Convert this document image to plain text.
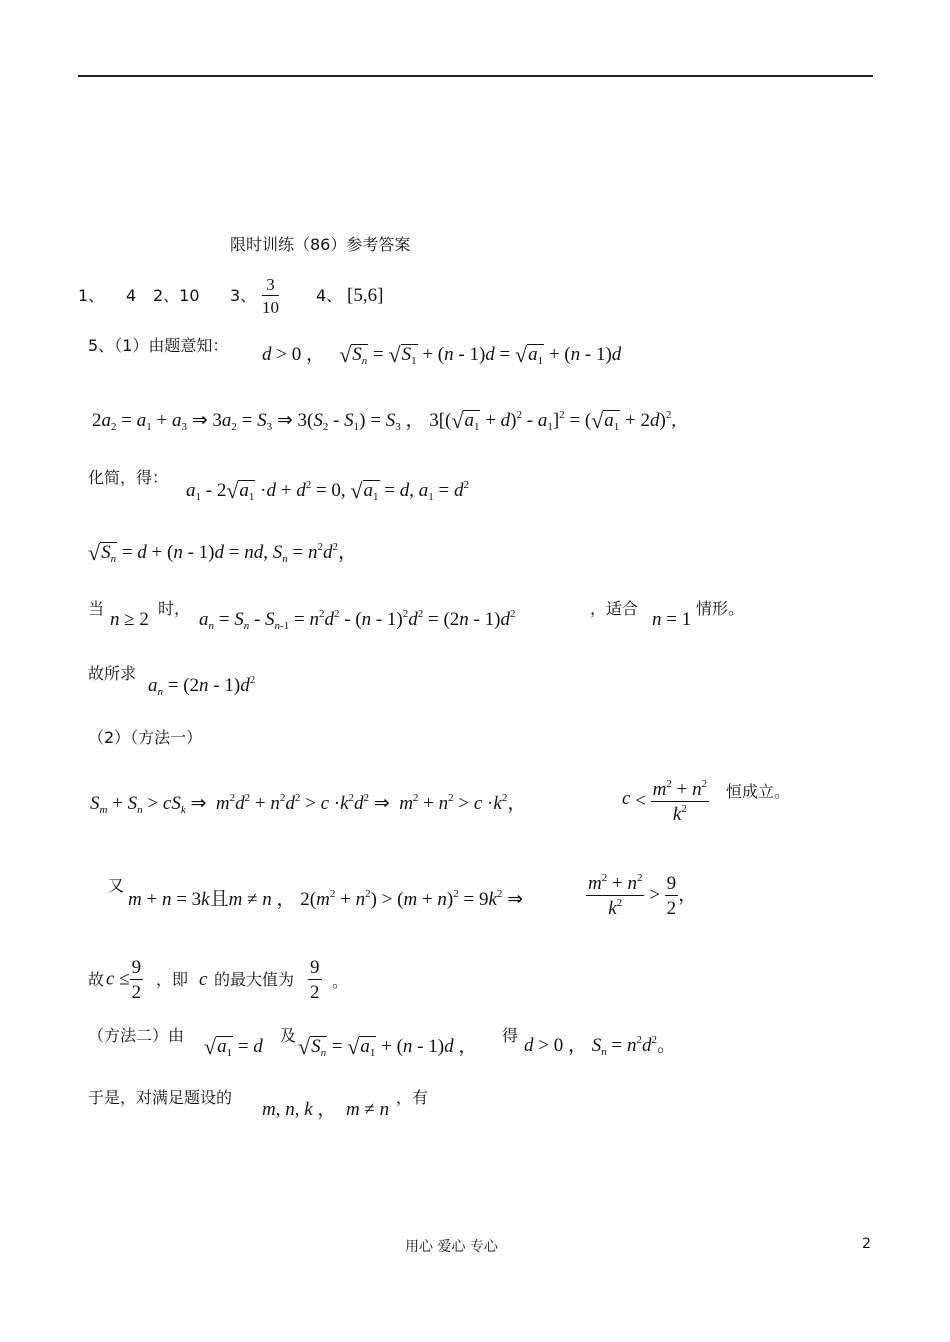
限时训练（86）参考答案
1、 4 2、10 3、 $\frac{3}{10} 4$、 [5,6]
5、（1）由题意知： d > 0 ，   $√S_n = √S_1 + (n - 1)d = √a_1 + (n - 1)d$
$2a_2 = a_1 + a_3$ ⇒ $3a_2 = S_3$ ⇒ $3(S_2 - S_1) = S_3$ ， $3[(√a_1 + d)^2 - a_1]^2 = (√a_1 + 2d)^2$,
化简，得：
$a_1 - 2√a_1 \cdot d + d^2 = 0$, $√a_1 = d$, $a_1 = d^2$
$√S_n = d + (n - 1)d$ = nd, $S_n = n^2d^2$，
当
n ≥ 2
时，
$a_n = S_n - S_{n-1} = n^2d^2 - (n - 1)^2d^2 = (2n - 1)d^2$	，适合
n = 1
情形。
故所求
$a_n = (2n - 1)d^2$
（2）（方法一）
$S_m + S_n > cS_k$ ⇒  $m^2d^2 + n^2d^2 > c \cdot k^2d^2$ ⇒  $m^2 + n^2 > c \cdot k^2$，	$c < \frac{m^2 + n^2}{k^2}$ 恒成立。
又
m + n = 3k且m ≠ n ， $2(m^2 + n^2) > (m + n)^2 = 9k^2$ ⇒	$\frac{m^2 + n^2}{k^2} > \frac{9}{2}$ ，
故 $c \le \frac{9}{2}$ ，即 c 的最大值为 $\frac{9}{2}$ 。
（方法二）由 $√a_1 = d$
及 $√S_n = √a_1 + (n - 1)d$ ，
得 d > 0 ， $S_n = n^2d^2$。
于是，对满足题设的
m, n, k ，  m ≠ n
，有
用心 爱心 专心	2
